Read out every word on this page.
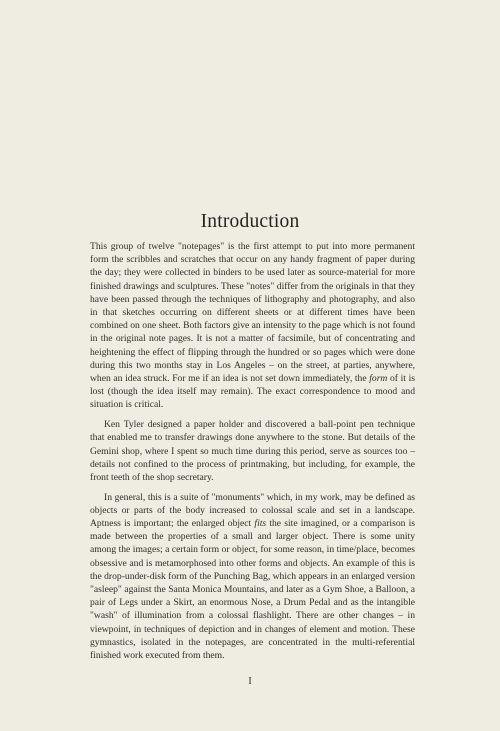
Introduction

This group of twelve "notepages" is the first attempt to put into more permanent form the scribbles and scratches that occur on any handy fragment of paper during the day; they were collected in binders to be used later as source-material for more finished drawings and sculptures. These "notes" differ from the originals in that they have been passed through the techniques of lithography and photography, and also in that sketches occurring on different sheets or at different times have been combined on one sheet. Both factors give an intensity to the page which is not found in the original note pages. It is not a matter of facsimile, but of concentrating and heightening the effect of flipping through the hundred or so pages which were done during this two months stay in Los Angeles – on the street, at parties, anywhere, when an idea struck. For me if an idea is not set down immediately, the form of it is lost (though the idea itself may remain). The exact correspondence to mood and situation is critical.

Ken Tyler designed a paper holder and discovered a ball-point pen technique that enabled me to transfer drawings done anywhere to the stone. But details of the Gemini shop, where I spent so much time during this period, serve as sources too – details not confined to the process of printmaking, but including, for example, the front teeth of the shop secretary.

In general, this is a suite of "monuments" which, in my work, may be defined as objects or parts of the body increased to colossal scale and set in a landscape. Aptness is important; the enlarged object fits the site imagined, or a comparison is made between the properties of a small and larger object. There is some unity among the images; a certain form or object, for some reason, in time/place, becomes obsessive and is metamorphosed into other forms and objects. An example of this is the drop-under-disk form of the Punching Bag, which appears in an enlarged version "asleep" against the Santa Monica Mountains, and later as a Gym Shoe, a Balloon, a pair of Legs under a Skirt, an enormous Nose, a Drum Pedal and as the intangible "wash" of illumination from a colossal flashlight. There are other changes – in viewpoint, in techniques of depiction and in changes of element and motion. These gymnastics, isolated in the notepages, are concentrated in the multi-referential finished work executed from them.

I
